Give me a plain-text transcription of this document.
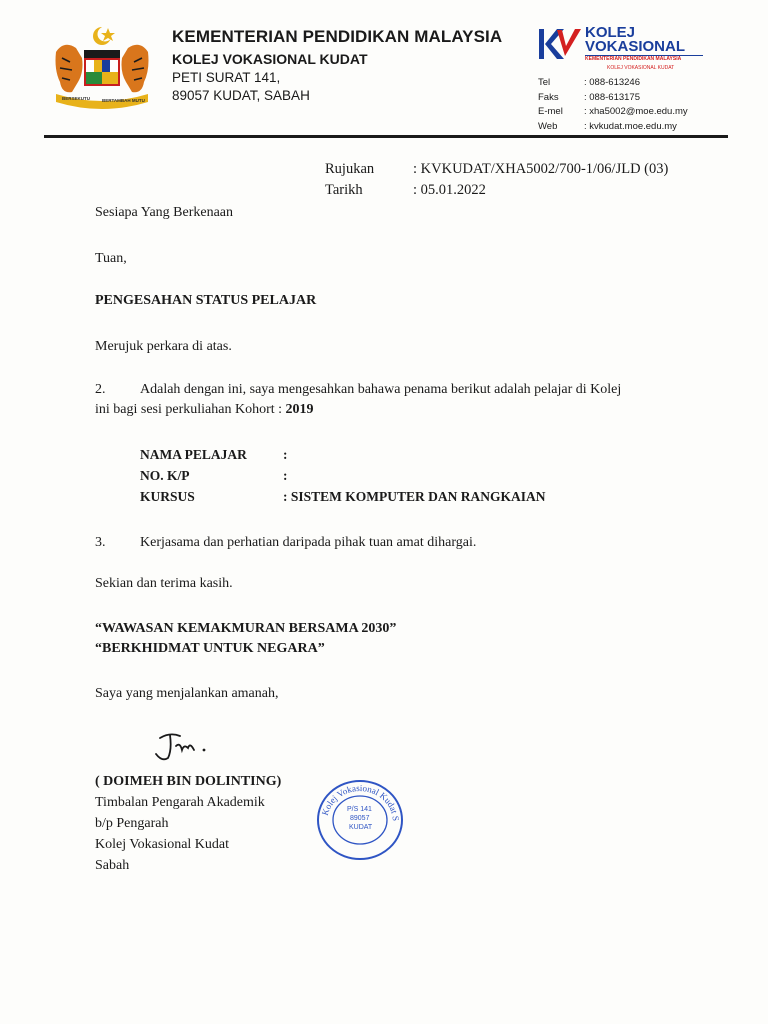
BERSEKUTU	BERTAMBAH MUTU
KEMENTERIAN PENDIDIKAN MALAYSIA
KOLEJ VOKASIONAL KUDAT
PETI SURAT 141,
89057 KUDAT, SABAH
KOLEJ
VOKASIONAL
KEMENTERIAN PENDIDIKAN MALAYSIA
KOLEJ VOKASIONAL KUDAT
Tel	: 088-613246
Faks	: 088-613175
E-mel	: xha5002@moe.edu.my
Web	: kvkudat.moe.edu.my
Rujukan	: KVKUDAT/XHA5002/700-1/06/JLD (03)
Tarikh	: 05.01.2022
Sesiapa Yang Berkenaan
Tuan,
PENGESAHAN STATUS PELAJAR
Merujuk perkara di atas.
2. Adalah dengan ini, saya mengesahkan bahawa penama berikut adalah pelajar di Kolej
ini bagi sesi perkuliahan Kohort : 2019
NAMA PELAJAR	:
NO. K/P	:
KURSUS	: SISTEM KOMPUTER DAN RANGKAIAN
3. Kerjasama dan perhatian daripada pihak tuan amat dihargai.
Sekian dan terima kasih.
“WAWASAN KEMAKMURAN BERSAMA 2030”
“BERKHIDMAT UNTUK NEGARA”
Saya yang menjalankan amanah,
( DOIMEH BIN DOLINTING)
Timbalan Pengarah Akademik
b/p Pengarah
Kolej Vokasional Kudat
Sabah
Kolej Vokasional Kudat S
P/S 141
89057
KUDAT
